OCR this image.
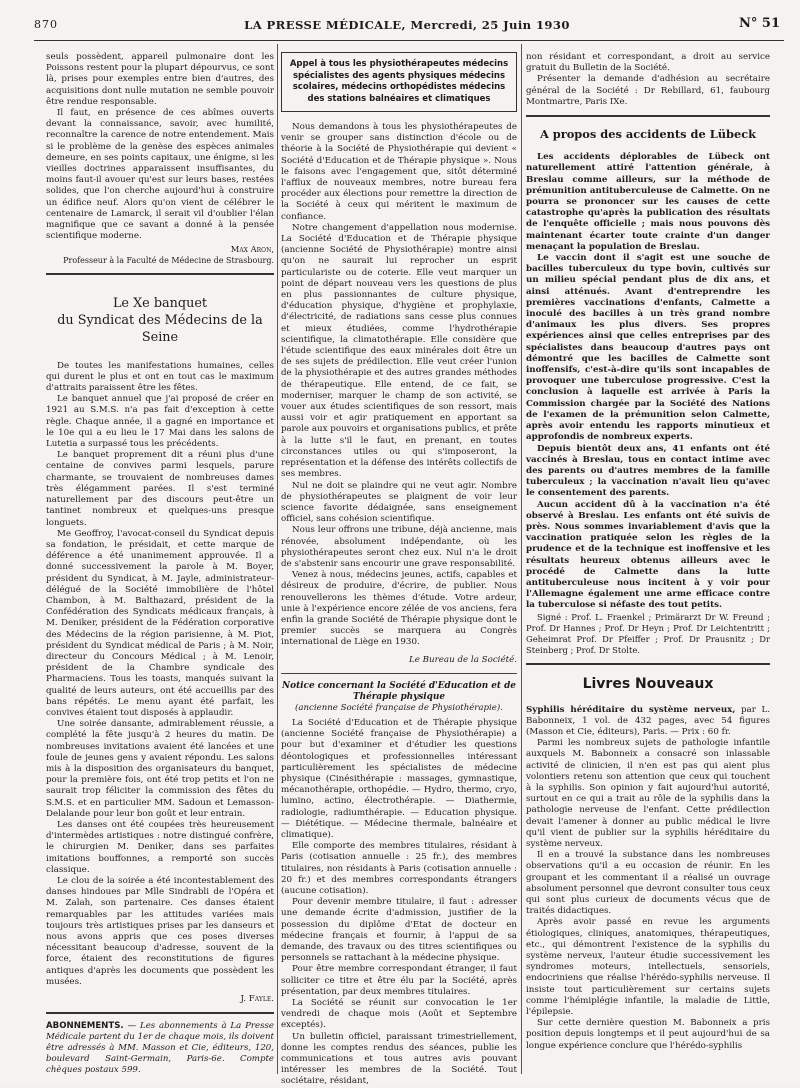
870	LA PRESSE MÉDICALE, Mercredi, 25 Juin 1930	N° 51

seuls possèdent, appareil pulmonaire dont les Poissons restent pour la plupart dépourvus, ce sont là, prises pour exemples entre bien d'autres, des acquisitions dont nulle mutation ne semble pouvoir être rendue responsable.

Il faut, en présence de ces abîmes ouverts devant la connaissance, savoir, avec humilité, reconnaître la carence de notre entendement. Mais si le problème de la genèse des espèces animales demeure, en ses points capitaux, une énigme, si les vieilles doctrines apparaissent insuffisantes, du moins faut-il avouer qu'est sur leurs bases, restées solides, que l'on cherche aujourd'hui à construire un édifice neuf. Alors qu'on vient de célébrer le centenaire de Lamarck, il serait vil d'oublier l'élan magnifique que ce savant a donné à la pensée scientifique moderne.

Max Aron,
Professeur à la Faculté de Médecine de Strasbourg.
Le Xe banquet
du Syndicat des Médecins de la Seine

De toutes les manifestations humaines, celles qui durent le plus et ont en tout cas le maximum d'attraits paraissent être les fêtes.

Le banquet annuel que j'ai proposé de créer en 1921 au S.M.S. n'a pas fait d'exception à cette règle. Chaque année, il a gagné en importance et le 10e qui a eu lieu le 17 Mai dans les salons de Lutetia a surpassé tous les précédents.

Le banquet proprement dit a réuni plus d'une centaine de convives parmi lesquels, parure charmante, se trouvaient de nombreuses dames très élégamment parées. Il s'est terminé naturellement par des discours peut-être un tantinet nombreux et quelques-uns presque longuets.

Me Geoffroy, l'avocat-conseil du Syndicat depuis sa fondation, le présidait, et cette marque de déférence a été unanimement approuvée. Il a donné successivement la parole à M. Boyer, président du Syndicat, à M. Jayle, administrateur-délégué de la Société immobilière de l'hôtel Chambon, à M. Balthazard, président de la Confédération des Syndicats médicaux français, à M. Deniker, président de la Fédération corporative des Médecins de la région parisienne, à M. Piot, président du Syndicat médical de Paris ; à M. Noir, directeur du Concours Médical ; à M. Lenoir, président de la Chambre syndicale des Pharmaciens. Tous les toasts, manqués suivant la qualité de leurs auteurs, ont été accueillis par des bans répétés. Le menu ayant été parfait, les convives étaient tout disposés à applaudir.

Une soirée dansante, admirablement réussie, a complété la fête jusqu'à 2 heures du matin. De nombreuses invitations avaient été lancées et une foule de jeunes gens y avaient répondu. Les salons mis à la disposition des organisateurs du banquet, pour la première fois, ont été trop petits et l'on ne saurait trop féliciter la commission des fêtes du S.M.S. et en particulier MM. Sadoun et Lemasson-Delalande pour leur bon goût et leur entrain.

Les danses ont été coupées très heureusement d'intermèdes artistiques : notre distingué confrère, le chirurgien M. Deniker, dans ses parfaites imitations bouffonnes, a remporté son succès classique.

Le clou de la soirée a été incontestablement des danses hindoues par Mlle Sindrabli de l'Opéra et M. Zalah, son partenaire. Ces danses étaient remarquables par les attitudes variées mais toujours très artistiques prises par les danseurs et nous avons appris que ces poses diverses nécessitant beaucoup d'adresse, souvent de la force, étaient des reconstitutions de figures antiques d'après les documents que possèdent les musées.

J. Fayle.

ABONNEMENTS. — Les abonnements à La Presse Médicale partent du 1er de chaque mois, ils doivent être adressés à MM. Masson et Cie, éditeurs, 120, boulevard Saint-Germain, Paris-6e. Compte chèques postaux 599.

Appel à tous les physiothérapeutes médecins spécialistes des agents physiques médecins scolaires, médecins orthopédistes médecins des stations balnéaires et climatiques

Nous demandons à tous les physiothérapeutes de venir se grouper sans distinction d'école ou de théorie à la Société de Physiothérapie qui devient « Société d'Education et de Thérapie physique ». Nous le faisons avec l'engagement que, sitôt déterminé l'afflux de nouveaux membres, notre bureau fera procéder aux élections pour remettre la direction de la Société à ceux qui méritent le maximum de confiance.

Notre changement d'appellation nous modernise. La Société d'Education et de Thérapie physique (ancienne Société de Physiothérapie) montre ainsi qu'on ne saurait lui reprocher un esprit particulariste ou de coterie. Elle veut marquer un point de départ nouveau vers les questions de plus en plus passionnantes de culture physique, d'éducation physique, d'hygiène et prophylaxie, d'électricité, de radiations sans cesse plus connues et mieux étudiées, comme l'hydrothérapie scientifique, la climatothérapie. Elle considère que l'étude scientifique des eaux minérales doit être un de ses sujets de prédilection. Elle veut créer l'union de la physiothérapie et des autres grandes méthodes de thérapeutique. Elle entend, de ce fait, se moderniser, marquer le champ de son activité, se vouer aux études scientifiques de son ressort, mais aussi voir et agir pratiquement en apportant sa parole aux pouvoirs et organisations publics, et prête à la lutte s'il le faut, en prenant, en toutes circonstances utiles ou qui s'imposeront, la représentation et la défense des intérêts collectifs de ses membres.

Nul ne doit se plaindre qui ne veut agir. Nombre de physiothérapeutes se plaignent de voir leur science favorite dédaignée, sans enseignement officiel, sans cohésion scientifique.

Nous leur offrons une tribune, déjà ancienne, mais rénovée, absolument indépendante, où les physiothérapeutes seront chez eux. Nul n'a le droit de s'abstenir sans encourir une grave responsabilité.

Venez à nous, médecins jeunes, actifs, capables et désireux de produire, d'écrire, de publier. Nous renouvellerons les thèmes d'étude. Votre ardeur, unie à l'expérience encore zélée de vos anciens, fera enfin la grande Société de Thérapie physique dont le premier succès se marquera au Congrès international de Liège en 1930.

Le Bureau de la Société.
Notice concernant la Société d'Education et de Thérapie physique
(ancienne Société française de Physiothérapie).

La Société d'Education et de Thérapie physique (ancienne Société française de Physiothérapie) a pour but d'examiner et d'étudier les questions déontologiques et professionnelles intéressant particulièrement les spécialistes de médecine physique (Cinésithérapie : massages, gymnastique, mécanothérapie, orthopédie. — Hydro, thermo, cryo, lumino, actino, électrothérapie. — Diathermie, radiologie, radiumthérapie. — Education physique. — Diététique. — Médecine thermale, balnéaire et climatique).

Elle comporte des membres titulaires, résidant à Paris (cotisation annuelle : 25 fr.), des membres titulaires, non résidants à Paris (cotisation annuelle : 20 fr.) et des membres correspondants étrangers (aucune cotisation).

Pour devenir membre titulaire, il faut : adresser une demande écrite d'admission, justifier de la possession du diplôme d'Etat de docteur en médecine français et fournir, à l'appui de sa demande, des travaux ou des titres scientifiques ou personnels se rattachant à la médecine physique.

Pour être membre correspondant étranger, il faut solliciter ce titre et être élu par la Société, après présentation, par deux membres titulaires.

La Société se réunit sur convocation le 1er vendredi de chaque mois (Août et Septembre exceptés).

Un bulletin officiel, paraissant trimestriellement, donne les comptes rendus des séances, publie les communications et tous autres avis pouvant intéresser les membres de la Société. Tout sociétaire, résidant,

non résidant et correspondant, a droit au service gratuit du Bulletin de la Société.

Présenter la demande d'adhésion au secrétaire général de la Société : Dr Rebillard, 61, faubourg Montmartre, Paris IXe.

A propos des accidents de Lübeck

Les accidents déplorables de Lübeck ont naturellement attiré l'attention générale, à Breslau comme ailleurs, sur la méthode de prémunition antituberculeuse de Calmette. On ne pourra se prononcer sur les causes de cette catastrophe qu'après la publication des résultats de l'enquête officielle ; mais nous pouvons dès maintenant écarter toute crainte d'un danger menaçant la population de Breslau.

Le vaccin dont il s'agit est une souche de bacilles tuberculeux du type bovin, cultivés sur un milieu spécial pendant plus de dix ans, et ainsi atténués. Avant d'entreprendre les premières vaccinations d'enfants, Calmette a inoculé des bacilles à un très grand nombre d'animaux les plus divers. Ses propres expériences ainsi que celles entreprises par des spécialistes dans beaucoup d'autres pays ont démontré que les bacilles de Calmette sont inoffensifs, c'est-à-dire qu'ils sont incapables de provoquer une tuberculose progressive. C'est la conclusion à laquelle est arrivée à Paris la Commission chargée par la Société des Nations de l'examen de la prémunition selon Calmette, après avoir entendu les rapports minutieux et approfondis de nombreux experts.

Depuis bientôt deux ans, 41 enfants ont été vaccinés à Breslau, tous en contact intime avec des parents ou d'autres membres de la famille tuberculeux ; la vaccination n'avait lieu qu'avec le consentement des parents.

Aucun accident dû à la vaccination n'a été observé à Breslau. Les enfants ont été suivis de près. Nous sommes invariablement d'avis que la vaccination pratiquée selon les règles de la prudence et de la technique est inoffensive et les résultats heureux obtenus ailleurs avec le procédé de Calmette dans la lutte antituberculeuse nous incitent à y voir pour l'Allemagne également une arme efficace contre la tuberculose si néfaste des tout petits.

Signé : Prof. L. Fraenkel ; Primärarzt Dr W. Freund ; Prof. Dr Hannes ; Prof. Dr Heyn ; Prof. Dr Leichtentritt ; Geheimrat Prof. Dr Pfeiffer ; Prof. Dr Prausnitz ; Dr Steinberg ; Prof. Dr Stolte.

Livres Nouveaux

Syphilis héréditaire du système nerveux, par L. Babonneix, 1 vol. de 432 pages, avec 54 figures (Masson et Cie, éditeurs), Paris. — Prix : 60 fr.

Parmi les nombreux sujets de pathologie infantile auxquels M. Babonneix a consacré son inlassable activité de clinicien, il n'en est pas qui aient plus volontiers retenu son attention que ceux qui touchent à la syphilis. Son opinion y fait aujourd'hui autorité, surtout en ce qui a trait au rôle de la syphilis dans la pathologie nerveuse de l'enfant. Cette prédilection devait l'amener à donner au public médical le livre qu'il vient de publier sur la syphilis héréditaire du système nerveux.

Il en a trouvé la substance dans les nombreuses observations qu'il a eu occasion de réunir. En les groupant et les commentant il a réalisé un ouvrage absolument personnel que devront consulter tous ceux qui sont plus curieux de documents vécus que de traités didactiques.

Après avoir passé en revue les arguments étiologiques, cliniques, anatomiques, thérapeutiques, etc., qui démontrent l'existence de la syphilis du système nerveux, l'auteur étudie successivement les syndromes moteurs, intellectuels, sensoriels, endocriniens que réalise l'hérédo-syphilis nerveuse. Il insiste tout particulièrement sur certains sujets comme l'hémiplégie infantile, la maladie de Little, l'épilepsie.

Sur cette dernière question M. Babonneix a pris position depuis longtemps et il peut aujourd'hui de sa longue expérience conclure que l'hérédo-syphilis
